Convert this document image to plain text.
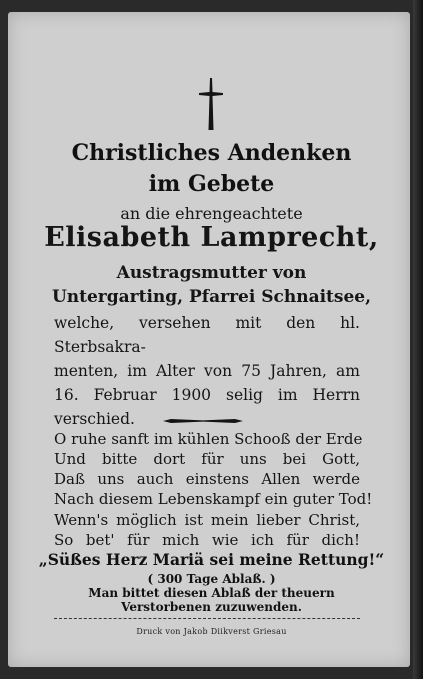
Christliches Andenken
im Gebete
an die ehrengeachtete
Elisabeth Lamprecht,
Austragsmutter von
Untergarting, Pfarrei Schnaitsee,
welche, versehen mit den hl. Sterbsakra-
menten, im Alter von 75 Jahren, am
16. Februar 1900 selig im Herrn
verschied.
O ruhe sanft im kühlen Schooß der Erde
Und bitte dort für uns bei Gott,
Daß uns auch einstens Allen werde
Nach diesem Lebenskampf ein guter Tod!
Wenn's möglich ist mein lieber Christ,
So bet' für mich wie ich für dich!
„Süßes Herz Mariä sei meine Rettung!“
( 300 Tage Ablaß. )
Man bittet diesen Ablaß der theuern
Verstorbenen zuzuwenden.
Druck von Jakob Diikverst Griesau
